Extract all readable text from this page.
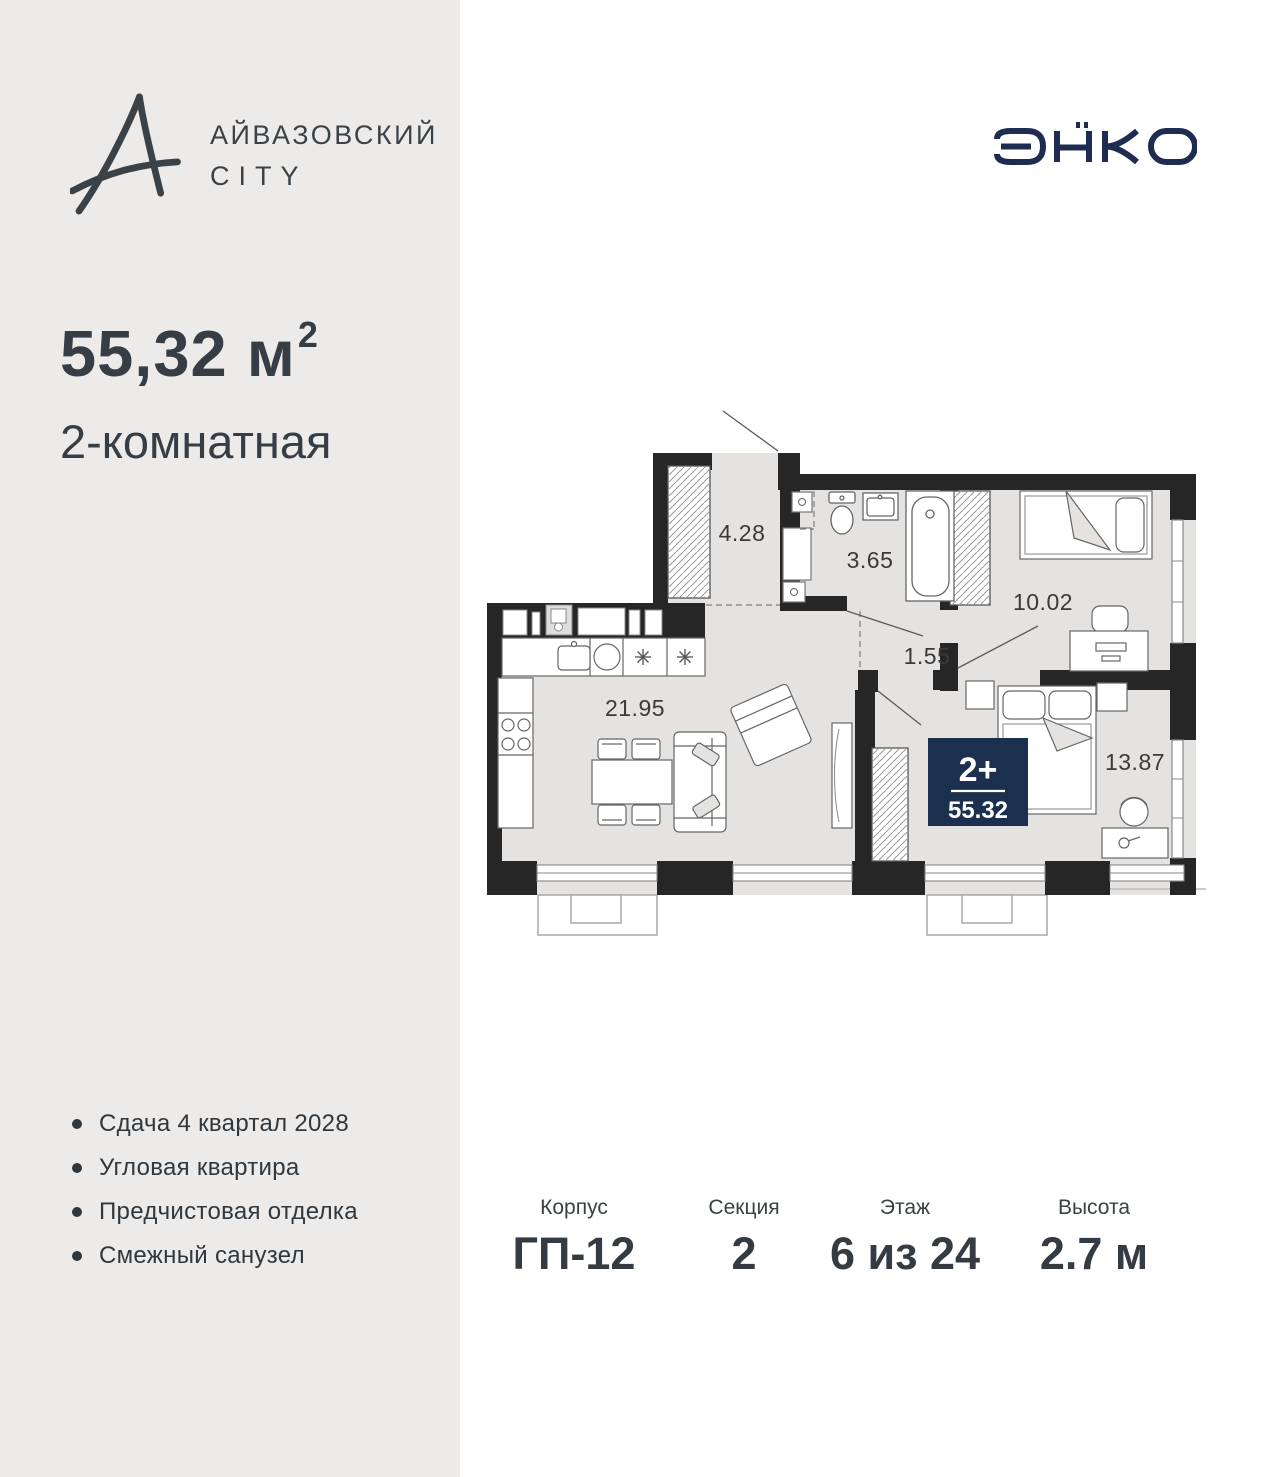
АЙВАЗОВСКИЙ
CITY
55,32 $м^2$
2-комнатная
Сдача 4 квартал 2028
Угловая квартира
Предчистовая отделка
Смежный санузел
4.28
3.65
1.55
10.02
21.95
13.87
2+
55.32
Корпус
ГП-12
Секция
2
Этаж
6 из 24
Высота
2.7 м
